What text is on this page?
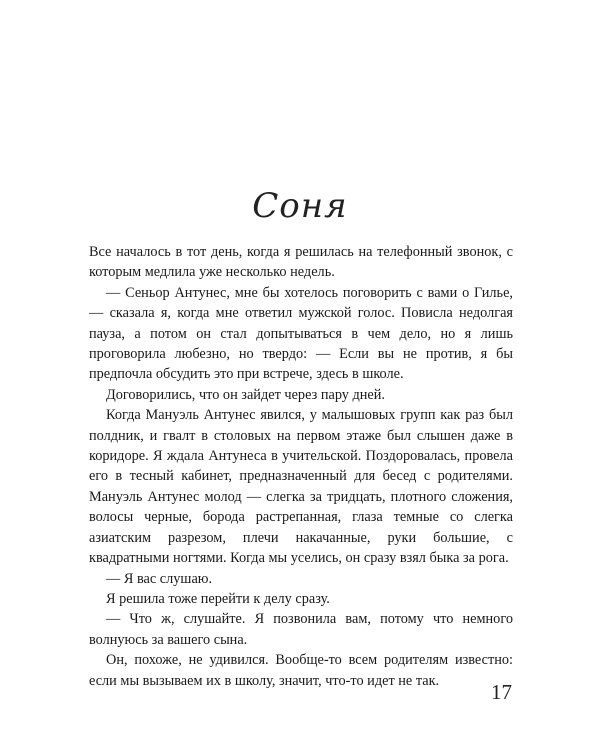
Соня

Все началось в тот день, когда я решилась на телефонный звонок, с которым медлила уже несколько недель.

— Сеньор Антунес, мне бы хотелось поговорить с вами о Гилье, — сказала я, когда мне ответил мужской голос. Повисла недолгая пауза, а потом он стал допытываться в чем дело, но я лишь проговорила любезно, но твердо: — Если вы не против, я бы предпочла обсудить это при встрече, здесь в школе.

Договорились, что он зайдет через пару дней.

Когда Мануэль Антунес явился, у малышовых групп как раз был полдник, и гвалт в столовых на первом этаже был слышен даже в коридоре. Я ждала Антунеса в учительской. Поздоровалась, провела его в тесный кабинет, предназначенный для бесед с родителями. Мануэль Антунес молод — слегка за тридцать, плотного сложения, волосы черные, борода растрепанная, глаза темные со слегка азиатским разрезом, плечи накачанные, руки большие, с квадратными ногтями. Когда мы уселись, он сразу взял быка за рога.

— Я вас слушаю.

Я решила тоже перейти к делу сразу.

— Что ж, слушайте. Я позвонила вам, потому что немного волнуюсь за вашего сына.

Он, похоже, не удивился. Вообще-то всем родителям известно: если мы вызываем их в школу, значит, что-то идет не так.	17
